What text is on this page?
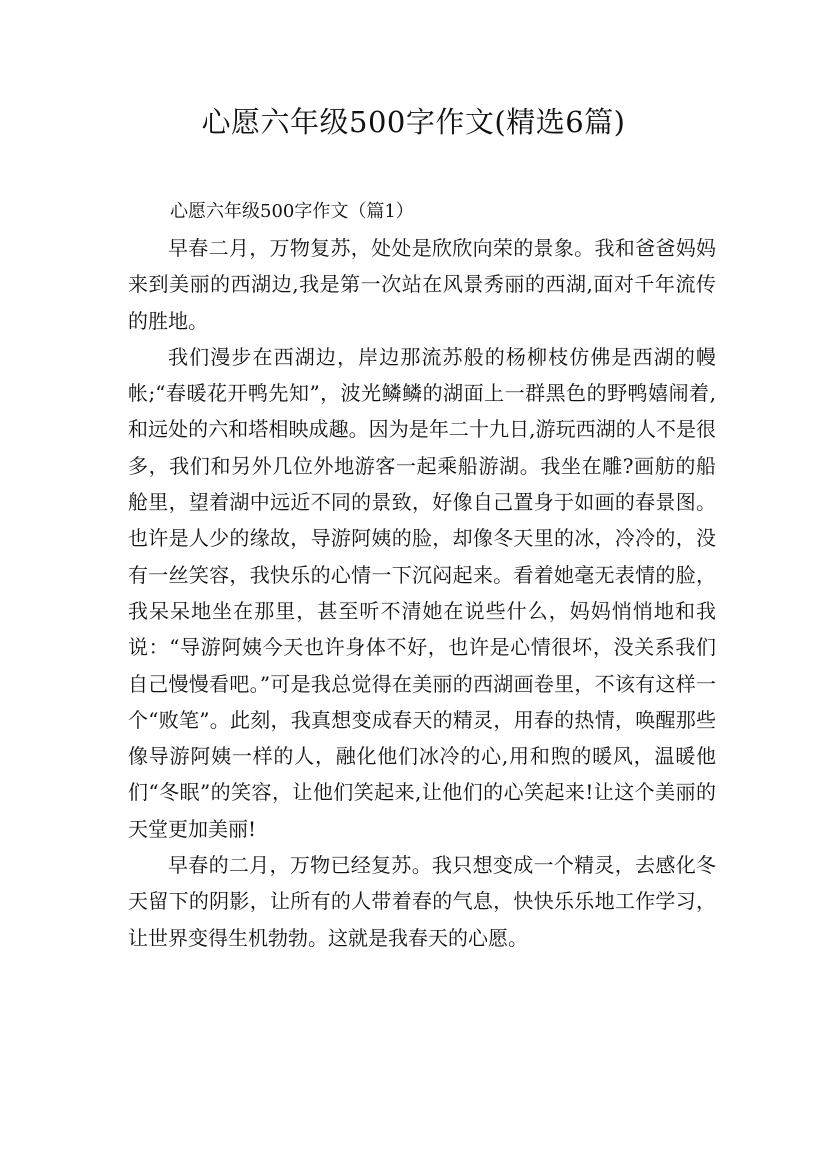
心愿六年级500字作文(精选6篇)
心愿六年级500字作文（篇1）

早春二月，万物复苏，处处是欣欣向荣的景象。我和爸爸妈妈来到美丽的西湖边,我是第一次站在风景秀丽的西湖,面对千年流传的胜地。

我们漫步在西湖边，岸边那流苏般的杨柳枝仿佛是西湖的幔帐;“春暖花开鸭先知”，波光鳞鳞的湖面上一群黑色的野鸭嬉闹着,和远处的六和塔相映成趣。因为是年二十九日,游玩西湖的人不是很多，我们和另外几位外地游客一起乘船游湖。我坐在雕?画舫的船舱里，望着湖中远近不同的景致，好像自己置身于如画的春景图。也许是人少的缘故，导游阿姨的脸，却像冬天里的冰，冷冷的，没有一丝笑容，我快乐的心情一下沉闷起来。看着她毫无表情的脸，我呆呆地坐在那里，甚至听不清她在说些什么，妈妈悄悄地和我说：“导游阿姨今天也许身体不好，也许是心情很坏，没关系我们自己慢慢看吧。”可是我总觉得在美丽的西湖画卷里，不该有这样一个“败笔”。此刻，我真想变成春天的精灵，用春的热情，唤醒那些像导游阿姨一样的人，融化他们冰冷的心,用和煦的暖风，温暖他们“冬眠”的笑容，让他们笑起来,让他们的心笑起来!让这个美丽的天堂更加美丽!

早春的二月，万物已经复苏。我只想变成一个精灵，去感化冬天留下的阴影，让所有的人带着春的气息，快快乐乐地工作学习，让世界变得生机勃勃。这就是我春天的心愿。
